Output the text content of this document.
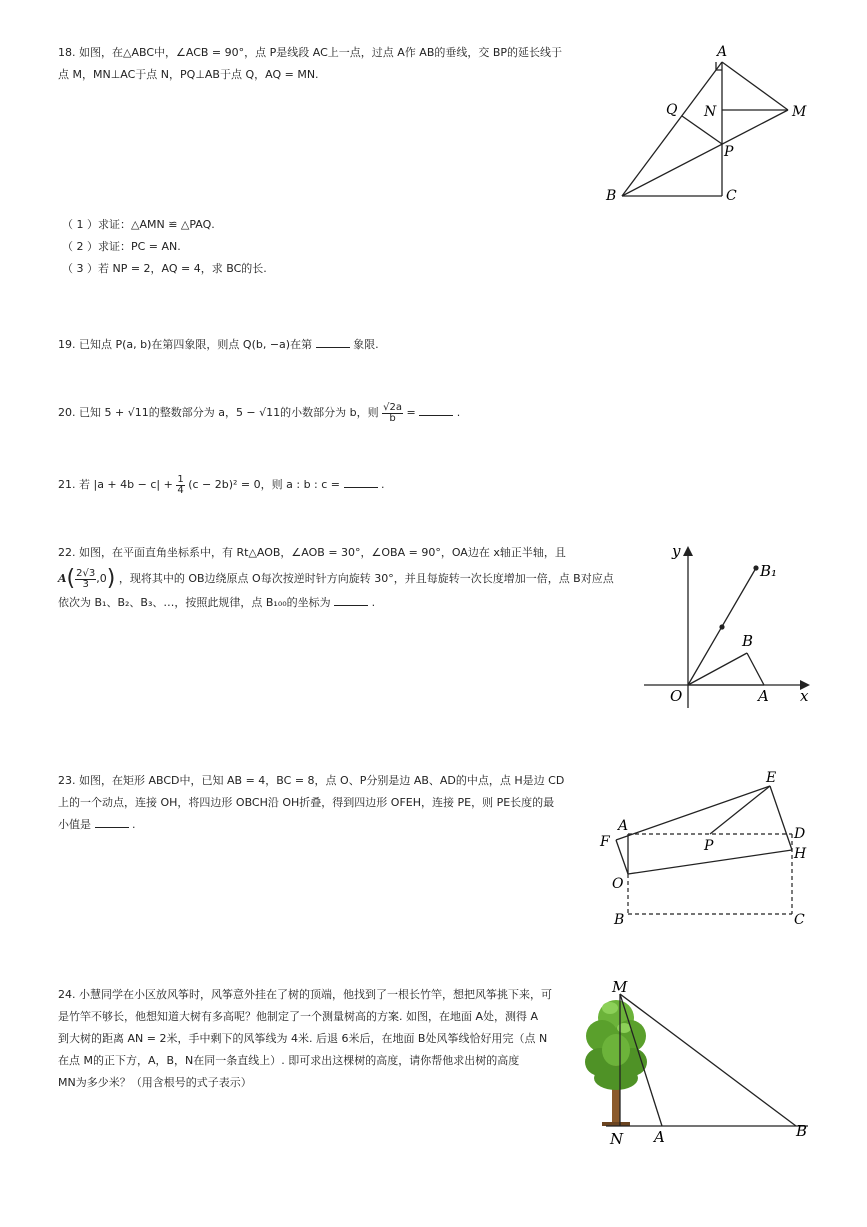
18. 如图，在△ABC中，∠ACB = 90°，点 P是线段 AC上一点，过点 A作 AB的垂线，交 BP的延长线于
点 M，MN⊥AC于点 N，PQ⊥AB于点 Q，AQ = MN.
（ 1 ）求证：△AMN ≌ △PAQ.
（ 2 ）求证：PC = AN.
（ 3 ）若 NP = 2，AQ = 4，求 BC的长.
A
Q N	M
P
B	C
19. 已知点 P(a, b)在第四象限，则点 Q(b, −a)在第	象限.
20. 已知 5 + √11的整数部分为 a，5 − √11的小数部分为 b，则 $\frac{√2a}{b}$ =	.
21. 若 $|a + 4b - c| + \frac{1}{4} (c - 2b)^2 = 0$，则 a : b : c =	.
22. 如图，在平面直角坐标系中，有 Rt△AOB，∠AOB = 30°，∠OBA = 90°，OA边在 x轴正半轴，且
$A( \frac{2√3}{3} ,0)$ ，现将其中的 OB边绕原点 O每次按逆时针方向旋转 30°，并且每旋转一次长度增加一倍，点 B对应点
依次为 B₁、B₂、B₃、…，按照此规律，点 B₁₀₀的坐标为	.
y
x
O	A
B
B₁
23. 如图，在矩形 ABCD中，已知 AB = 4，BC = 8，点 O、P分别是边 AB、AD的中点，点 H是边 CD
上的一个动点，连接 OH，将四边形 OBCH沿 OH折叠，得到四边形 OFEH，连接 PE，则 PE长度的最
小值是	.
E
A	D
F	P	H
O
B	C
24. 小慧同学在小区放风筝时，风筝意外挂在了树的顶端，他找到了一根长竹竿，想把风筝挑下来，可
是竹竿不够长，他想知道大树有多高呢？他制定了一个测量树高的方案. 如图，在地面 A处，测得 A
到大树的距离 AN = 2米，手中剩下的风筝线为 4米. 后退 6米后，在地面 B处风筝线恰好用完（点 N
在点 M的正下方，A，B，N在同一条直线上）. 即可求出这棵树的高度，请你帮他求出树的高度
MN为多少米？（用含根号的式子表示）
M
N A	B
